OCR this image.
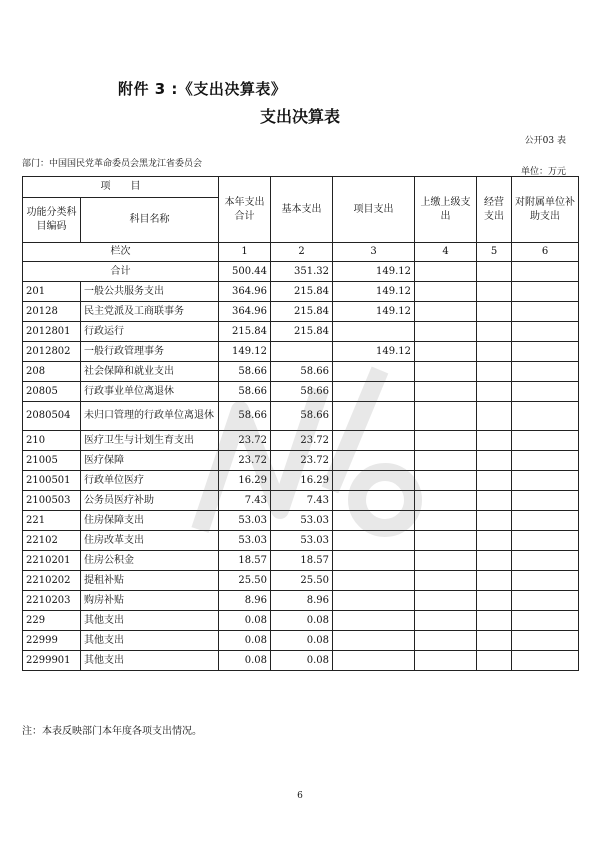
附件 3 :《支出决算表》
支出决算表
公开03 表
部门：中国国民党革命委员会黑龙江省委员会
单位：万元
项　　目		本年支出合计	基本支出	项目支出	上缴上级支出	经营支出	对附属单位补助支出
功能分类科目编码	科目名称						
栏次		1	2	3	4	5	6
合计		500.44	351.32	149.12			
201	一般公共服务支出	364.96	215.84	149.12			
20128	民主党派及工商联事务	364.96	215.84	149.12			
2012801	行政运行	215.84	215.84				
2012802	一般行政管理事务	149.12		149.12			
208	社会保障和就业支出	58.66	58.66				
20805	行政事业单位离退休	58.66	58.66				
2080504	未归口管理的行政单位离退休	58.66	58.66				
210	医疗卫生与计划生育支出	23.72	23.72				
21005	医疗保障	23.72	23.72				
2100501	行政单位医疗	16.29	16.29				
2100503	公务员医疗补助	7.43	7.43				
221	住房保障支出	53.03	53.03				
22102	住房改革支出	53.03	53.03				
2210201	住房公积金	18.57	18.57				
2210202	提租补贴	25.50	25.50				
2210203	购房补贴	8.96	8.96				
229	其他支出	0.08	0.08				
22999	其他支出	0.08	0.08				
2299901	其他支出	0.08	0.08				
注：本表反映部门本年度各项支出情况。
6
